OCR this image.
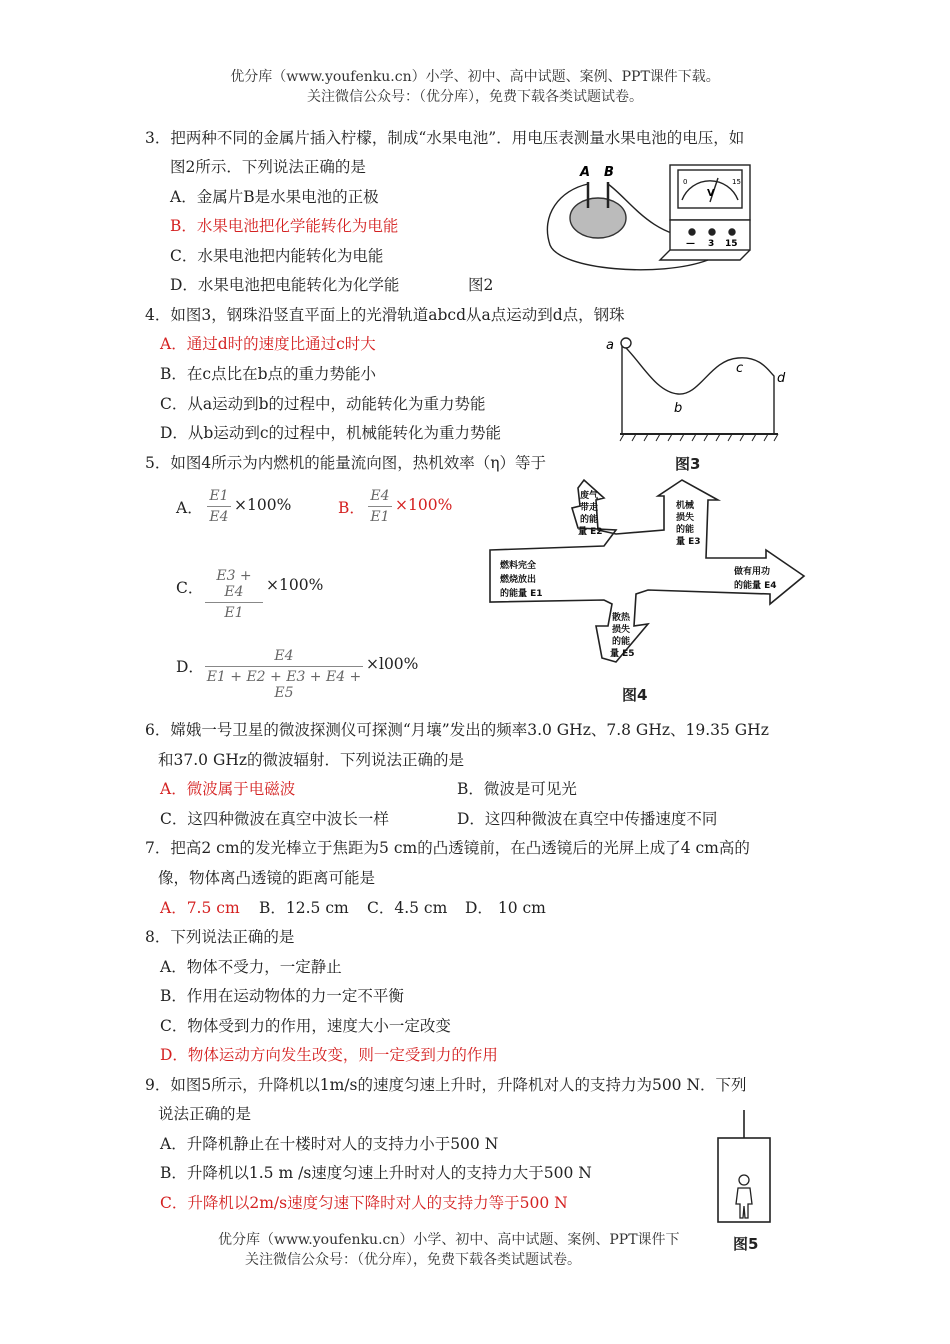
优分库（www.youfenku.cn）小学、初中、高中试题、案例、PPT课件下载。
关注微信公众号：（优分库），免费下载各类试题试卷。
3．把两种不同的金属片插入柠檬，制成“水果电池”．用电压表测量水果电池的电压，如
图2所示．下列说法正确的是
A．金属片B是水果电池的正极
B．水果电池把化学能转化为电能
C．水果电池把内能转化为电能
D．水果电池把电能转化为化学能	图2
A B
0
V
15
— 3 15
4．如图3，钢珠沿竖直平面上的光滑轨道abcd从a点运动到d点，钢珠
A．通过d时的速度比通过c时大
B．在c点比在b点的重力势能小
C．从a运动到b的过程中，动能转化为重力势能
D．从b运动到c的过程中，机械能转化为重力势能
a
b
c
d
图3
5．如图4所示为内燃机的能量流向图，热机效率（η）等于
A．
E1
E4
×100%	B．
E4
E1
×100%
C．
E3 + E4
E1
×100%
D．
E4
E1 + E2 + E3 + E4 + E5
×l00%
燃料完全
燃烧放出
的能量 E1
废气
带走
的能
量 E2
机械
损失
的能
量 E3
做有用功
的能量 E4
散热
损失
的能
量 E5
图4
6．嫦娥一号卫星的微波探测仪可探测“月壤”发出的频率3.0 GHz、7.8 GHz、19.35 GHz
和37.0 GHz的微波辐射．下列说法正确的是
A．微波属于电磁波	B．微波是可见光
C．这四种微波在真空中波长一样	D．这四种微波在真空中传播速度不同
7．把高2 cm的发光棒立于焦距为5 cm的凸透镜前，在凸透镜后的光屏上成了4 cm高的
像，物体离凸透镜的距离可能是
A．7.5 cm B．12.5 cm C．4.5 cm D． 10 cm
8．下列说法正确的是
A．物体不受力，一定静止
B．作用在运动物体的力一定不平衡
C．物体受到力的作用，速度大小一定改变
D．物体运动方向发生改变，则一定受到力的作用
9．如图5所示，升降机以1m/s的速度匀速上升时，升降机对人的支持力为500 N．下列
说法正确的是
A．升降机静止在十楼时对人的支持力小于500 N
B．升降机以1.5 m /s速度匀速上升时对人的支持力大于500 N
C．升降机以2m/s速度匀速下降时对人的支持力等于500 N
优分库（www.youfenku.cn）小学、初中、高中试题、案例、PPT课件下
关注微信公众号：（优分库），免费下载各类试题试卷。
图5
